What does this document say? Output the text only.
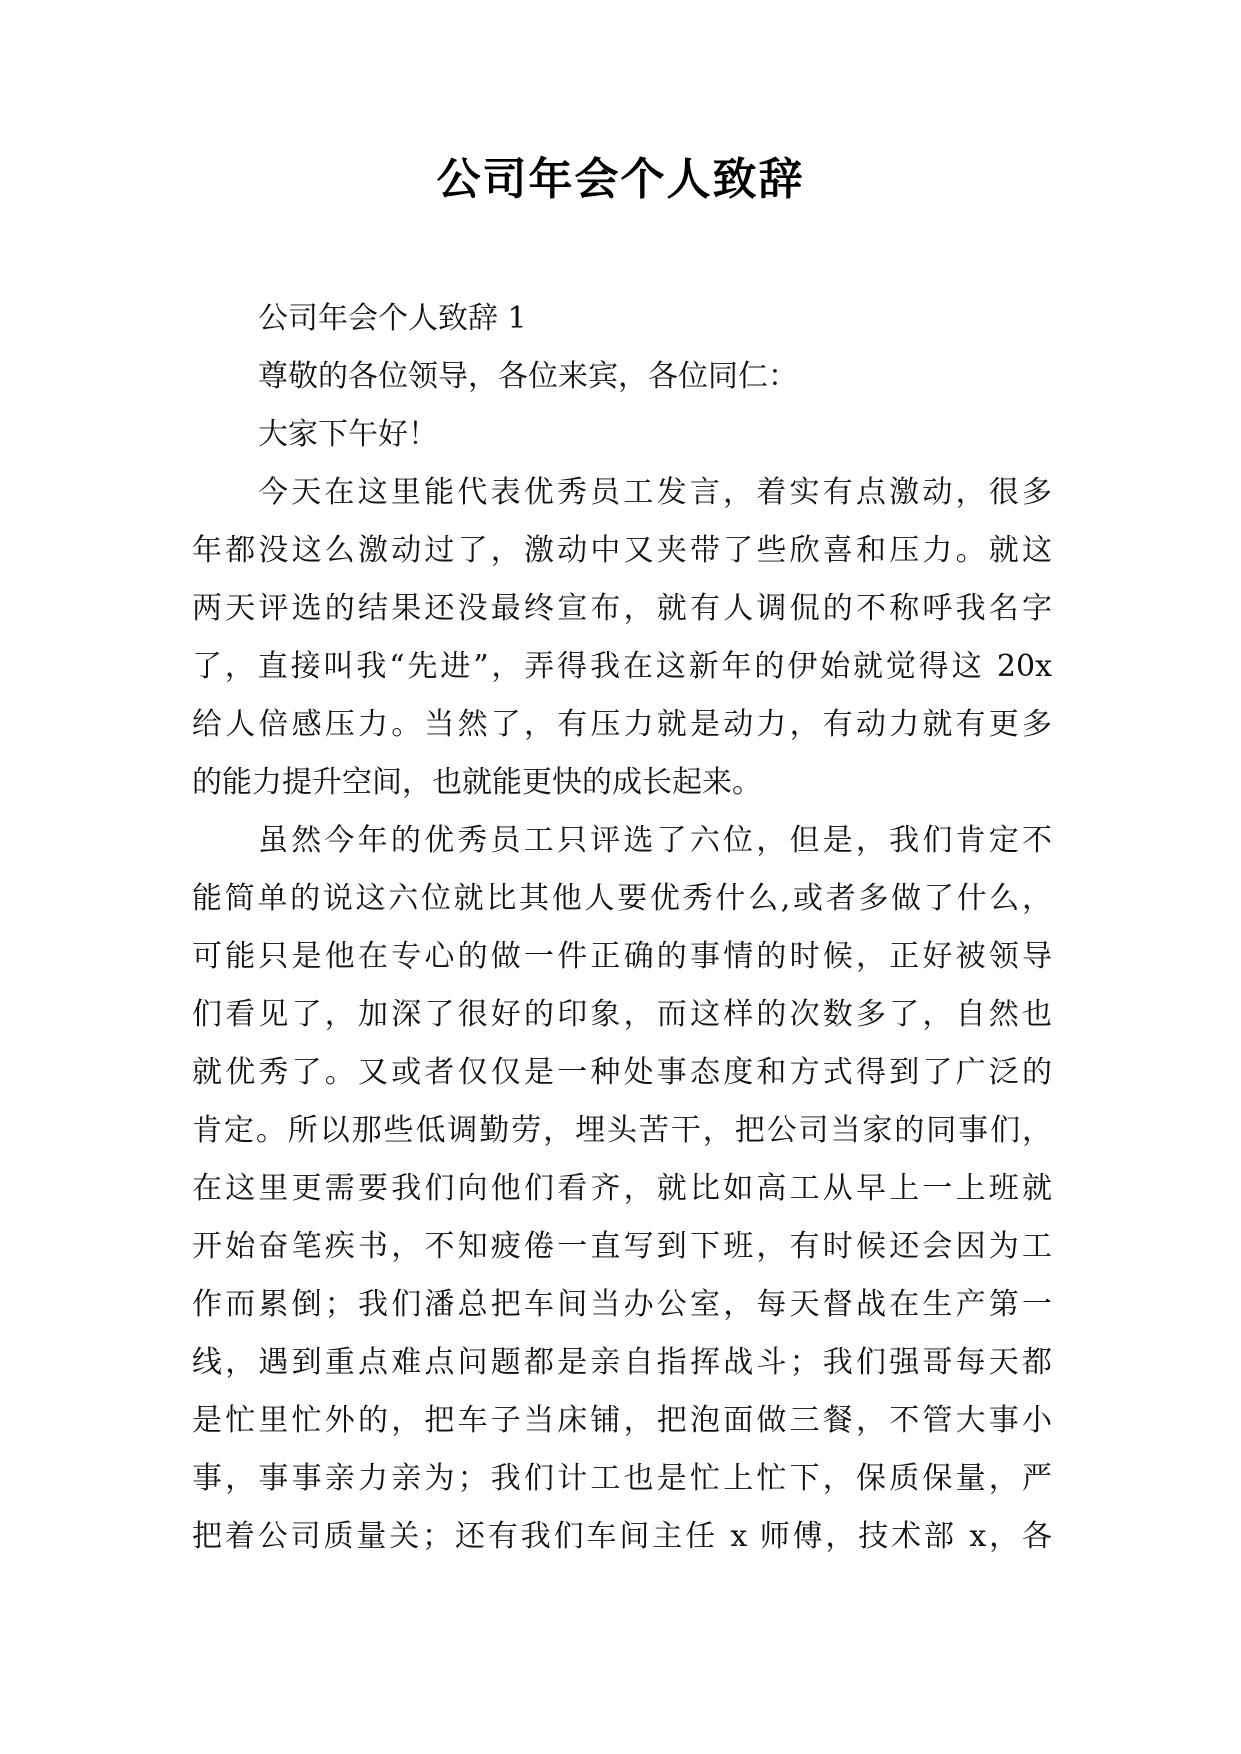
公司年会个人致辞
公司年会个人致辞 1
尊敬的各位领导，各位来宾，各位同仁：
大家下午好！
今天在这里能代表优秀员工发言，着实有点激动，很多
年都没这么激动过了，激动中又夹带了些欣喜和压力。就这
两天评选的结果还没最终宣布，就有人调侃的不称呼我名字
了，直接叫我“先进”，弄得我在这新年的伊始就觉得这 20x
给人倍感压力。当然了，有压力就是动力，有动力就有更多
的能力提升空间，也就能更快的成长起来。
虽然今年的优秀员工只评选了六位，但是，我们肯定不
能简单的说这六位就比其他人要优秀什么,或者多做了什么，
可能只是他在专心的做一件正确的事情的时候，正好被领导
们看见了，加深了很好的印象，而这样的次数多了，自然也
就优秀了。又或者仅仅是一种处事态度和方式得到了广泛的
肯定。所以那些低调勤劳，埋头苦干，把公司当家的同事们，
在这里更需要我们向他们看齐，就比如高工从早上一上班就
开始奋笔疾书，不知疲倦一直写到下班，有时候还会因为工
作而累倒；我们潘总把车间当办公室，每天督战在生产第一
线，遇到重点难点问题都是亲自指挥战斗；我们强哥每天都
是忙里忙外的，把车子当床铺，把泡面做三餐，不管大事小
事，事事亲力亲为；我们计工也是忙上忙下，保质保量，严
把着公司质量关；还有我们车间主任 x 师傅，技术部 x，各
